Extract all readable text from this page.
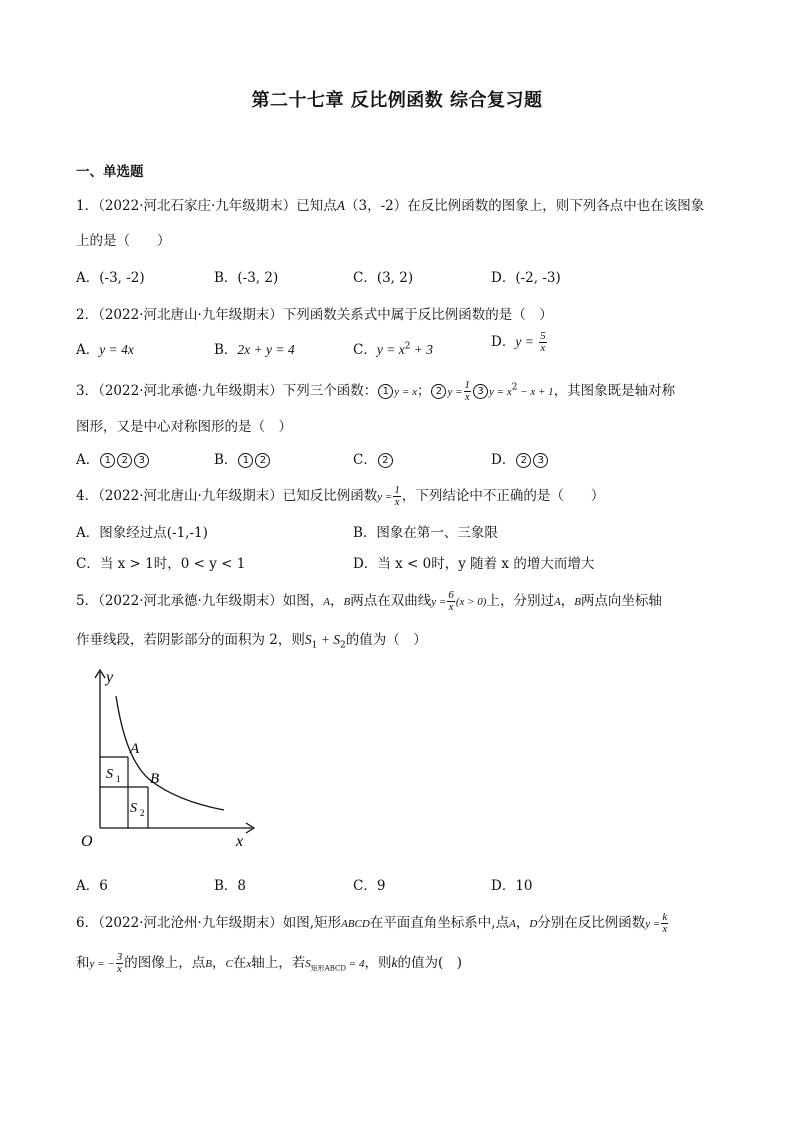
第二十七章 反比例函数 综合复习题
一、单选题
1．（2022·河北石家庄·九年级期末）已知点A（3，-2）在反比例函数的图象上，则下列各点中也在该图象
上的是（　　）
A．(-3, -2)	B．(-3, 2)	C．(3, 2)	D．(-2, -3)
2．（2022·河北唐山·九年级期末）下列函数关系式中属于反比例函数的是（　）
A．y = 4x	B．2x + y = 4	C．$y = x^2 + 3$	D．$y = \frac{5}{x}$
3．（2022·河北承德·九年级期末）下列三个函数： 1 y = x； 2 $y = \frac{1}{x} 3$ $y = x^2 - x + 1$，其图象既是轴对称
图形，又是中心对称图形的是（　）
A． 1 2 3	B． 1 2	C． 2	D． 2 3
4．（2022·河北唐山·九年级期末）已知反比例函数$y = \frac{1}{x}$ ，下列结论中不正确的是（　　）
A．图象经过点(-1,-1)	B．图象在第一、三象限
C．当 x > 1时，0 < y < 1	D．当 x < 0时，y 随着 x 的增大而增大
5．（2022·河北承德·九年级期末）如图，A，B两点在双曲线$y = \frac{6}{x} (x > 0)$上，分别过A，B两点向坐标轴
作垂线段，若阴影部分的面积为 2，则$S_1 + S_2$的值为（　）
y
x
O
A
B
S 1
S 2
A．6	B．8	C．9	D．10
6．（2022·河北沧州·九年级期末）如图,矩形ABCD在平面直角坐标系中,点A，D分别在反比例函数$y = \frac{k}{x}$
和y = − $\frac{3}{x}$ 的图像上，点B，C在x轴上，若$S_{矩形ABCD} = 4$，则k的值为(　)
